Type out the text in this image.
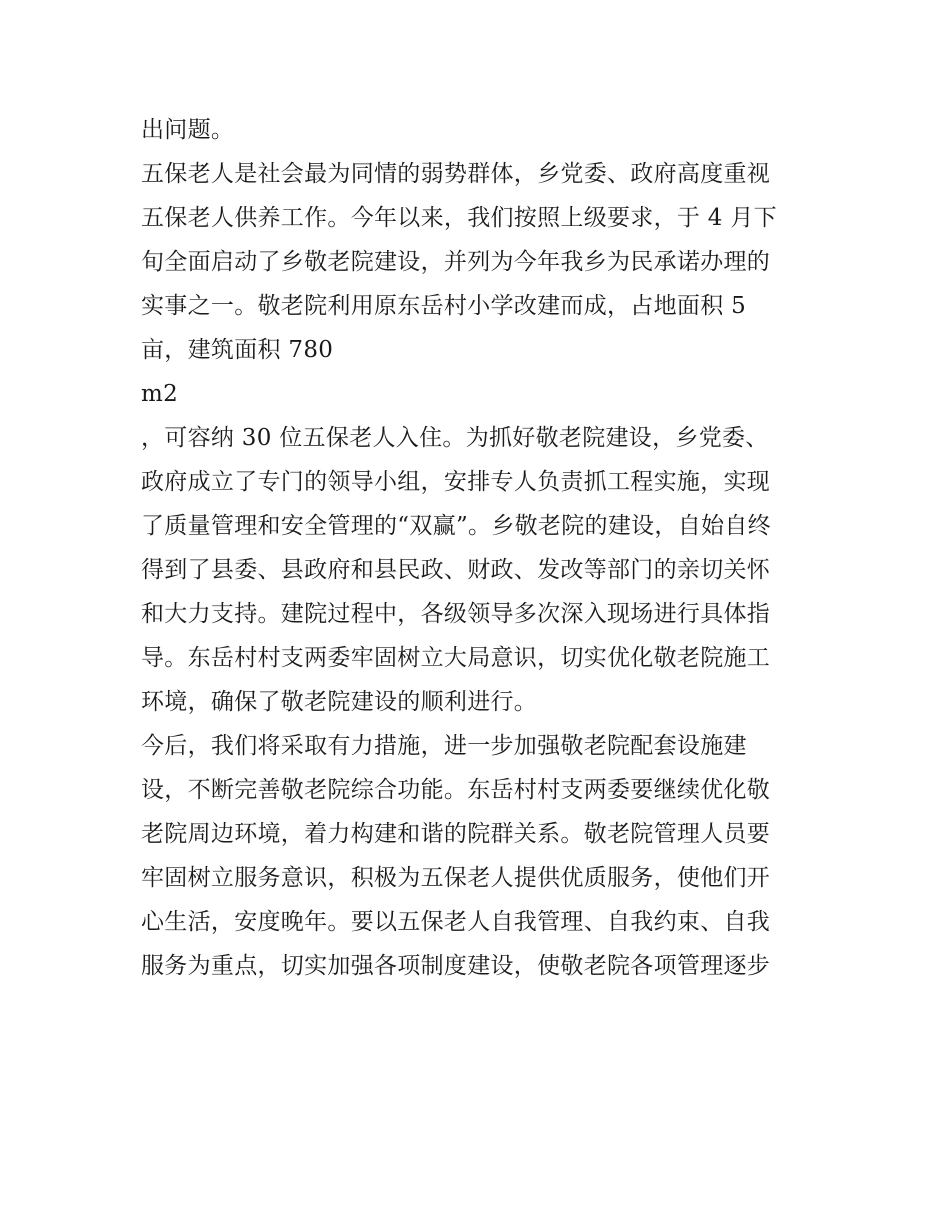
出问题。
五保老人是社会最为同情的弱势群体，乡党委、政府高度重视
五保老人供养工作。今年以来，我们按照上级要求，于 4 月下
旬全面启动了乡敬老院建设，并列为今年我乡为民承诺办理的
实事之一。敬老院利用原东岳村小学改建而成，占地面积 5
亩，建筑面积 780
m2
，可容纳 30 位五保老人入住。为抓好敬老院建设，乡党委、
政府成立了专门的领导小组，安排专人负责抓工程实施，实现
了质量管理和安全管理的“双赢”。乡敬老院的建设，自始自终
得到了县委、县政府和县民政、财政、发改等部门的亲切关怀
和大力支持。建院过程中，各级领导多次深入现场进行具体指
导。东岳村村支两委牢固树立大局意识，切实优化敬老院施工
环境，确保了敬老院建设的顺利进行。
今后，我们将采取有力措施，进一步加强敬老院配套设施建
设，不断完善敬老院综合功能。东岳村村支两委要继续优化敬
老院周边环境，着力构建和谐的院群关系。敬老院管理人员要
牢固树立服务意识，积极为五保老人提供优质服务，使他们开
心生活，安度晚年。要以五保老人自我管理、自我约束、自我
服务为重点，切实加强各项制度建设，使敬老院各项管理逐步
